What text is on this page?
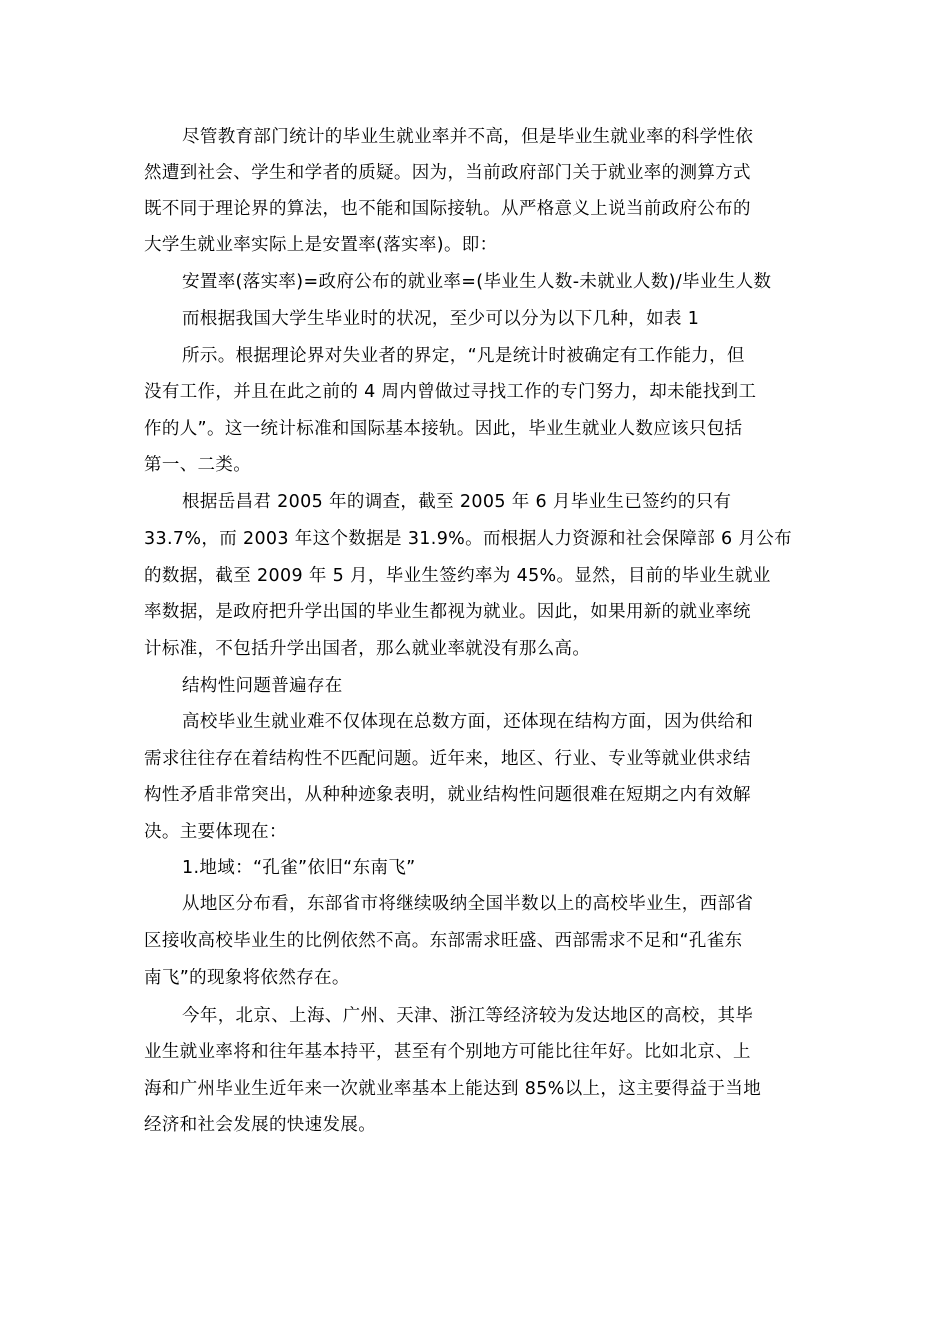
尽管教育部门统计的毕业生就业率并不高，但是毕业生就业率的科学性依
然遭到社会、学生和学者的质疑。因为，当前政府部门关于就业率的测算方式
既不同于理论界的算法，也不能和国际接轨。从严格意义上说当前政府公布的
大学生就业率实际上是安置率(落实率)。即：
安置率(落实率)=政府公布的就业率=(毕业生人数-未就业人数)/毕业生人数
而根据我国大学生毕业时的状况，至少可以分为以下几种，如表 1
所示。根据理论界对失业者的界定，“凡是统计时被确定有工作能力，但
没有工作，并且在此之前的 4 周内曾做过寻找工作的专门努力，却未能找到工
作的人”。这一统计标准和国际基本接轨。因此，毕业生就业人数应该只包括
第一、二类。
根据岳昌君 2005 年的调查，截至 2005 年 6 月毕业生已签约的只有
33.7%，而 2003 年这个数据是 31.9%。而根据人力资源和社会保障部 6 月公布
的数据，截至 2009 年 5 月，毕业生签约率为 45%。显然，目前的毕业生就业
率数据，是政府把升学出国的毕业生都视为就业。因此，如果用新的就业率统
计标准，不包括升学出国者，那么就业率就没有那么高。
结构性问题普遍存在
高校毕业生就业难不仅体现在总数方面，还体现在结构方面，因为供给和
需求往往存在着结构性不匹配问题。近年来，地区、行业、专业等就业供求结
构性矛盾非常突出，从种种迹象表明，就业结构性问题很难在短期之内有效解
决。主要体现在：
1.地域：“孔雀”依旧“东南飞”
从地区分布看，东部省市将继续吸纳全国半数以上的高校毕业生，西部省
区接收高校毕业生的比例依然不高。东部需求旺盛、西部需求不足和“孔雀东
南飞”的现象将依然存在。
今年，北京、上海、广州、天津、浙江等经济较为发达地区的高校，其毕
业生就业率将和往年基本持平，甚至有个别地方可能比往年好。比如北京、上
海和广州毕业生近年来一次就业率基本上能达到 85%以上，这主要得益于当地
经济和社会发展的快速发展。
